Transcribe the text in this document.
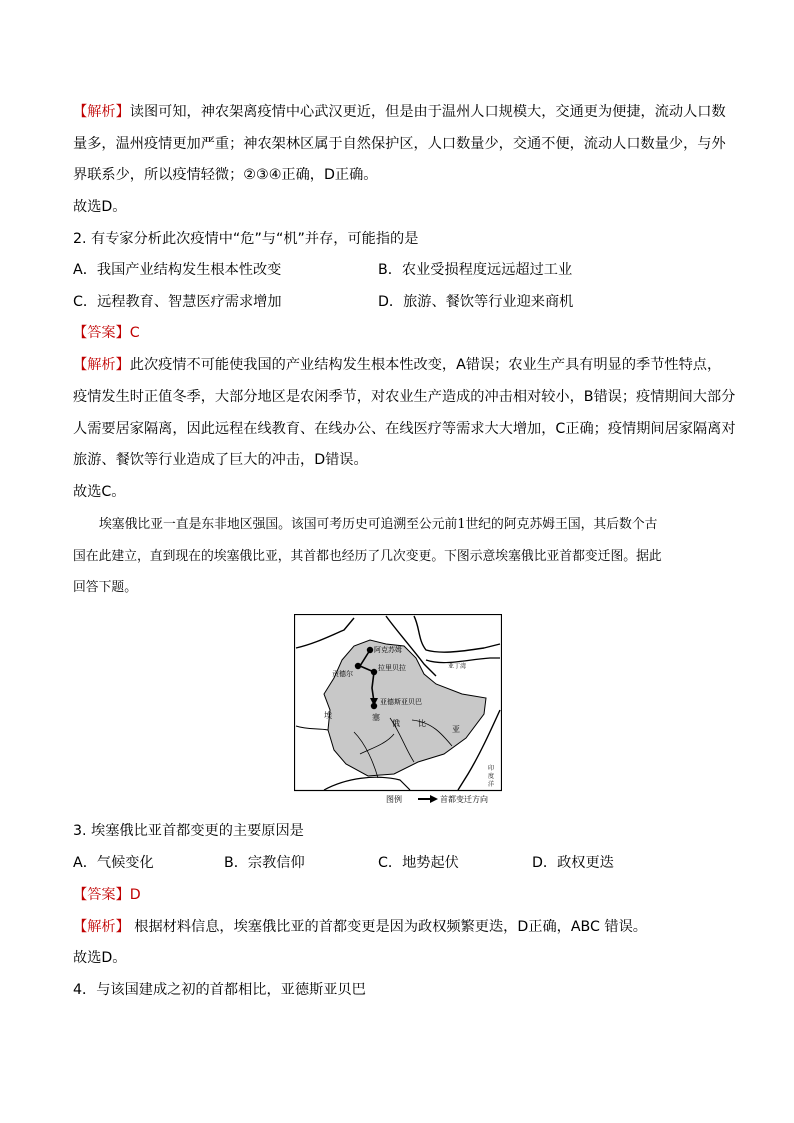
【解析】读图可知，神农架离疫情中心武汉更近，但是由于温州人口规模大，交通更为便捷，流动人口数
量多，温州疫情更加严重；神农架林区属于自然保护区，人口数量少，交通不便，流动人口数量少，与外
界联系少，所以疫情轻微；②③④正确，D正确。
故选D。
2. 有专家分析此次疫情中“危”与“机”并存，可能指的是
A．我国产业结构发生根本性改变	B．农业受损程度远远超过工业
C．远程教育、智慧医疗需求增加	D．旅游、餐饮等行业迎来商机
【答案】C
【解析】此次疫情不可能使我国的产业结构发生根本性改变，A错误；农业生产具有明显的季节性特点，
疫情发生时正值冬季，大部分地区是农闲季节，对农业生产造成的冲击相对较小，B错误；疫情期间大部分
人需要居家隔离，因此远程在线教育、在线办公、在线医疗等需求大大增加，C正确；疫情期间居家隔离对
旅游、餐饮等行业造成了巨大的冲击，D错误。
故选C。
埃塞俄比亚一直是东非地区强国。该国可考历史可追溯至公元前1世纪的阿克苏姆王国，其后数个古
国在此建立，直到现在的埃塞俄比亚，其首都也经历了几次变更。下图示意埃塞俄比亚首都变迁图。据此
回答下题。
阿克苏姆
拉里贝拉
贡德尔
亚德斯亚贝巴
埃	塞
俄 比
亚
亚丁湾
印
度
洋
图例	首都变迁方向
3. 埃塞俄比亚首都变更的主要原因是
A．气候变化	B．宗教信仰	C．地势起伏	D．政权更迭
【答案】D
【解析】 根据材料信息，埃塞俄比亚的首都变更是因为政权频繁更迭，D正确，ABC 错误。
故选D。
4．与该国建成之初的首都相比，亚德斯亚贝巴
